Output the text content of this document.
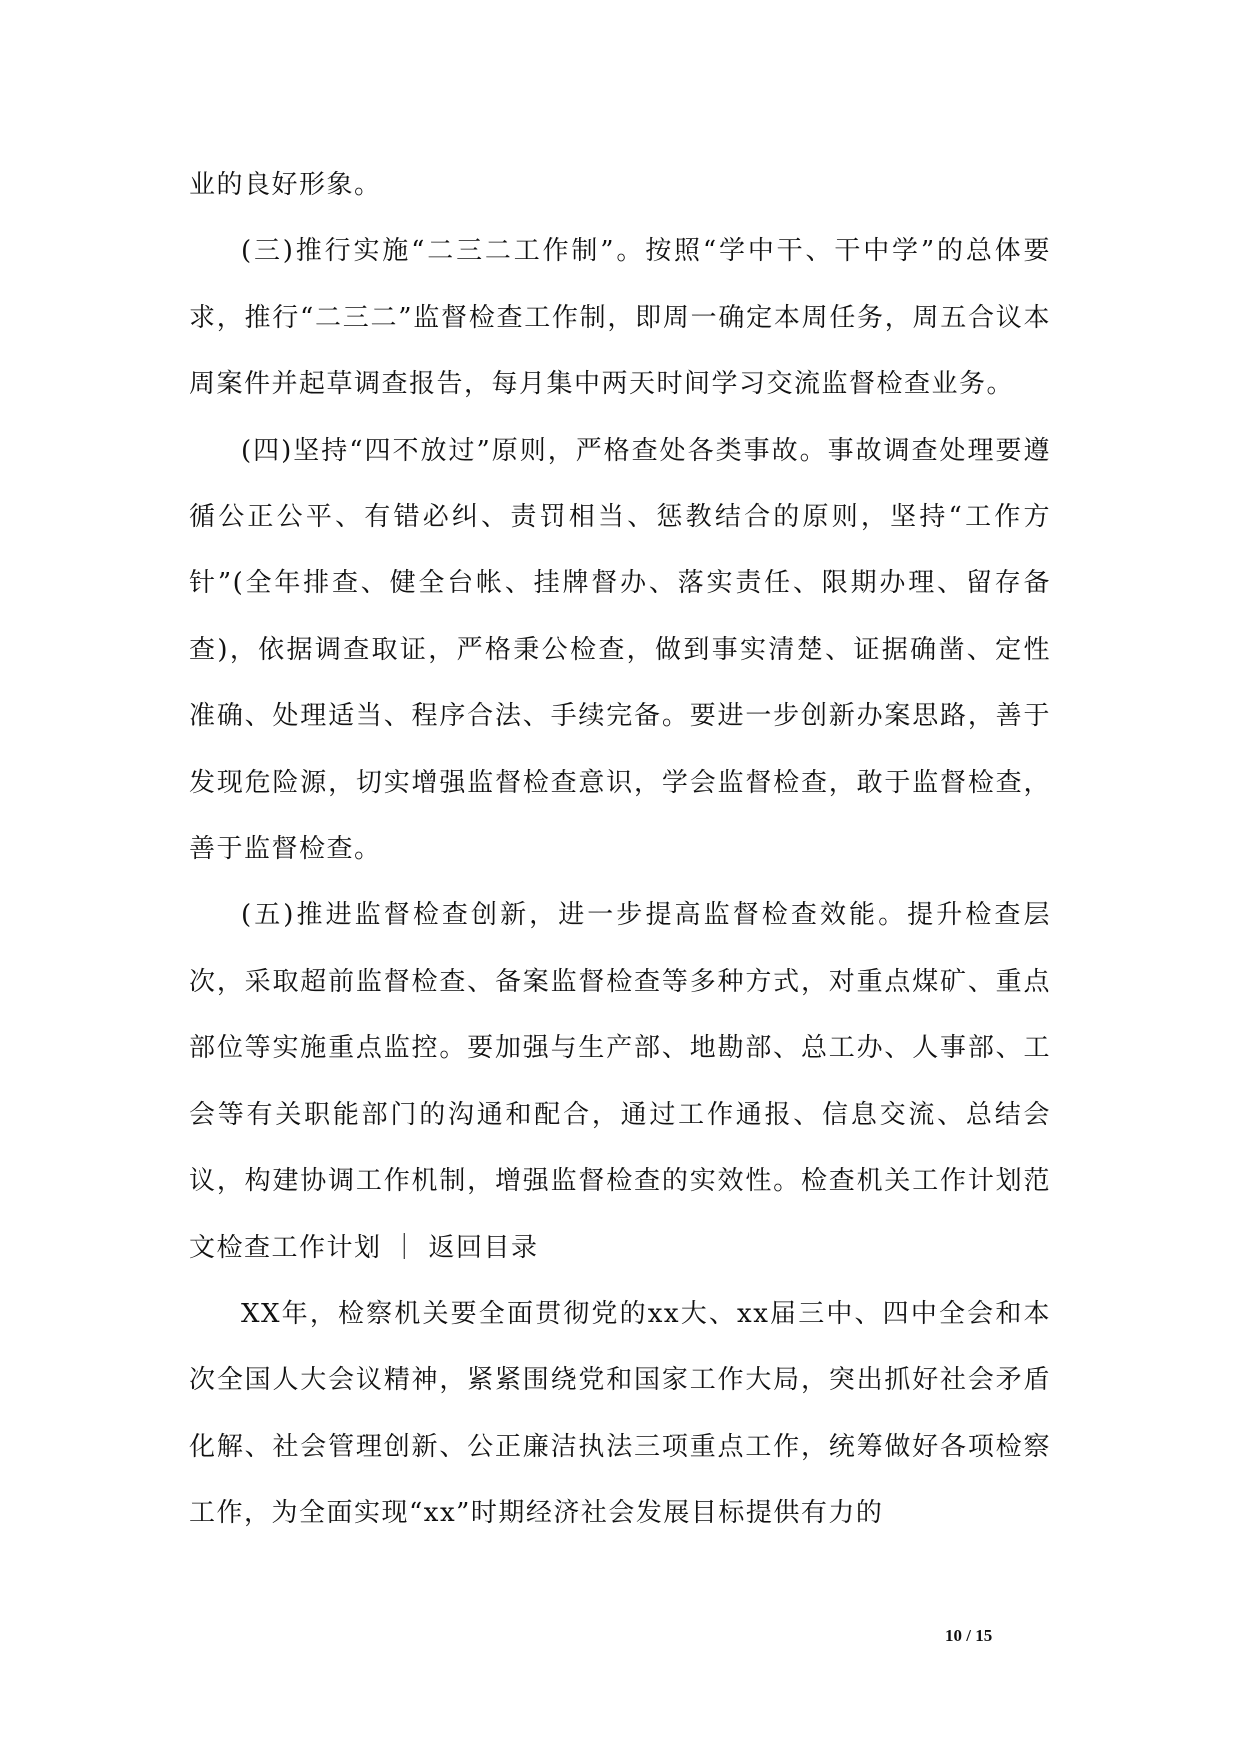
业的良好形象。

(三)推行实施“二三二工作制”。按照“学中干、干中学”的总体要求，推行“二三二”监督检查工作制，即周一确定本周任务，周五合议本周案件并起草调查报告，每月集中两天时间学习交流监督检查业务。

(四)坚持“四不放过”原则，严格查处各类事故。事故调查处理要遵循公正公平、有错必纠、责罚相当、惩教结合的原则，坚持“工作方针”(全年排查、健全台帐、挂牌督办、落实责任、限期办理、留存备查)，依据调查取证，严格秉公检查，做到事实清楚、证据确凿、定性准确、处理适当、程序合法、手续完备。要进一步创新办案思路，善于发现危险源，切实增强监督检查意识，学会监督检查，敢于监督检查，善于监督检查。

(五)推进监督检查创新，进一步提高监督检查效能。提升检查层次，采取超前监督检查、备案监督检查等多种方式，对重点煤矿、重点部位等实施重点监控。要加强与生产部、地勘部、总工办、人事部、工会等有关职能部门的沟通和配合，通过工作通报、信息交流、总结会议，构建协调工作机制，增强监督检查的实效性。检查机关工作计划范文检查工作计划 ｜ 返回目录

XX年，检察机关要全面贯彻党的xx大、xx届三中、四中全会和本次全国人大会议精神，紧紧围绕党和国家工作大局，突出抓好社会矛盾化解、社会管理创新、公正廉洁执法三项重点工作，统筹做好各项检察工作，为全面实现“xx”时期经济社会发展目标提供有力的

10 / 15
